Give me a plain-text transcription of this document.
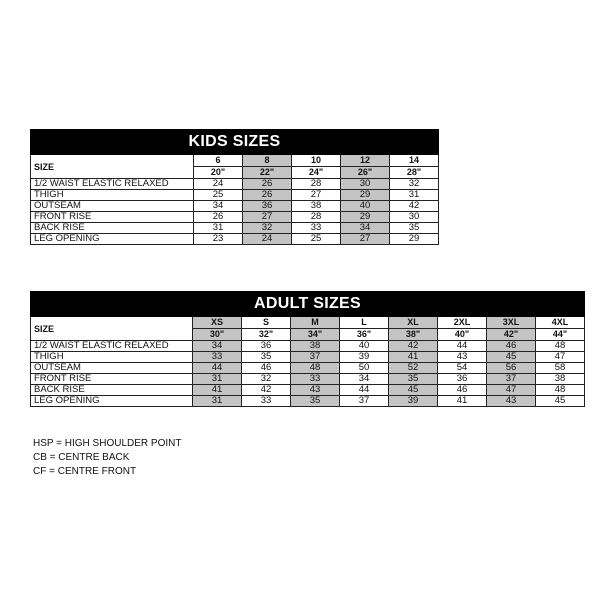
KIDS SIZES					
SIZE	6	8	10	12	14
	20"	22"	24"	26"	28"
1/2 WAIST ELASTIC RELAXED	24	26	28	30	32
THIGH	25	26	27	29	31
OUTSEAM	34	36	38	40	42
FRONT RISE	26	27	28	29	30
BACK RISE	31	32	33	34	35
LEG OPENING	23	24	25	27	29
ADULT SIZES								
SIZE	XS	S	M	L	XL	2XL	3XL	4XL
	30"	32"	34"	36"	38"	40"	42"	44"
1/2 WAIST ELASTIC RELAXED	34	36	38	40	42	44	46	48
THIGH	33	35	37	39	41	43	45	47
OUTSEAM	44	46	48	50	52	54	56	58
FRONT RISE	31	32	33	34	35	36	37	38
BACK RISE	41	42	43	44	45	46	47	48
LEG OPENING	31	33	35	37	39	41	43	45
HSP = HIGH SHOULDER POINT
CB = CENTRE BACK
CF = CENTRE FRONT
